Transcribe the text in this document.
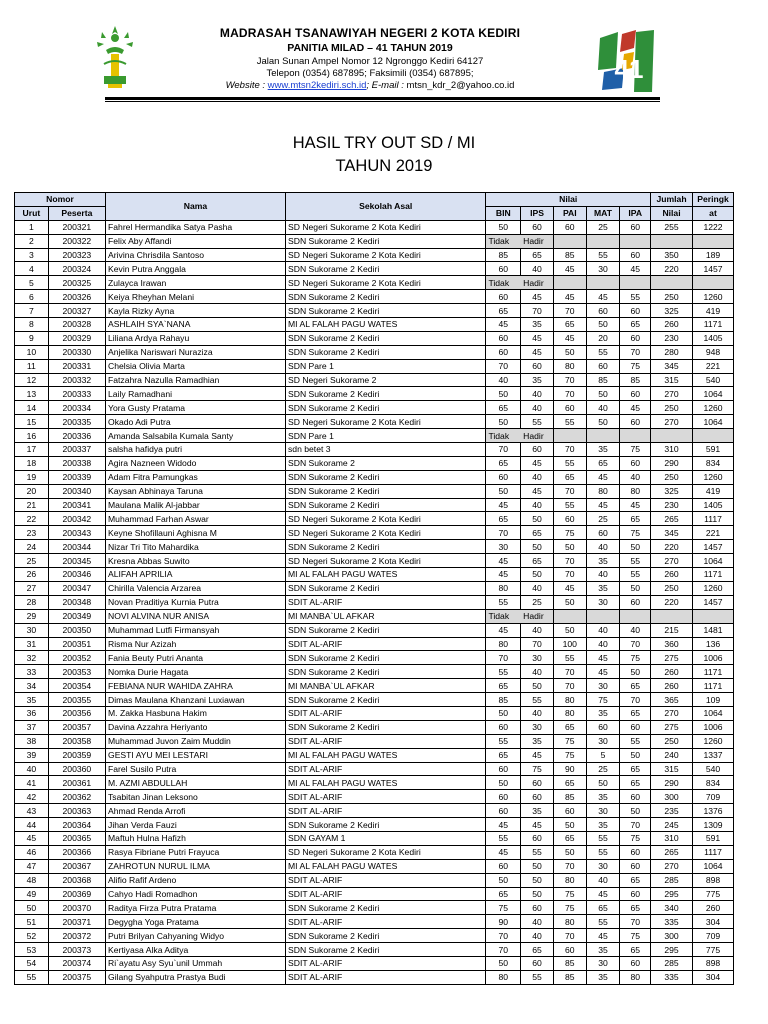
MADRASAH TSANAWIYAH NEGERI 2 KOTA KEDIRI
PANITIA MILAD – 41 TAHUN 2019
Jalan Sunan Ampel Nomor 12 Ngronggo Kediri 64127
Telepon (0354) 687895; Faksimili (0354) 687895;
Website : www.mtsn2kediri.sch.id; E-mail : mtsn_kdr_2@yahoo.co.id
41
HASIL TRY OUT SD / MI
TAHUN 2019
Nomor		Nama	Sekolah Asal	Nilai					Jumlah	Peringk
Urut	Peserta			BIN	IPS	PAI	MAT	IPA	Nilai	at
1	200321	Fahrel Hermandika Satya Pasha	SD Negeri Sukorame 2 Kota Kediri	50	60	60	25	60	255	1222
2	200322	Felix Aby Affandi	SDN Sukorame 2 Kediri	Tidak Hadir						

3	200323	Arivina Chrisdila Santoso	SD Negeri Sukorame 2 Kota Kediri	85	65	85	55	60	350	189
4	200324	Kevin Putra Anggala	SDN Sukorame 2 Kediri	60	40	45	30	45	220	1457
5	200325	Zulayca Irawan	SD Negeri Sukorame 2 Kota Kediri	Tidak Hadir						

6	200326	Keiya Rheyhan Melani	SDN Sukorame 2 Kediri	60	45	45	45	55	250	1260
7	200327	Kayla Rizky Ayna	SDN Sukorame 2 Kediri	65	70	70	60	60	325	419
8	200328	ASHLAIH SYA`NANA	MI AL FALAH PAGU WATES	45	35	65	50	65	260	1171
9	200329	Liliana Ardya Rahayu	SDN Sukorame 2 Kediri	60	45	45	20	60	230	1405
10	200330	Anjelika Nariswari Nuraziza	SDN Sukorame 2 Kediri	60	45	50	55	70	280	948
11	200331	Chelsia Olivia Marta	SDN Pare 1	70	60	80	60	75	345	221
12	200332	Fatzahra Nazulla Ramadhian	SD Negeri Sukorame 2	40	35	70	85	85	315	540
13	200333	Laily Ramadhani	SDN Sukorame 2 Kediri	50	40	70	50	60	270	1064
14	200334	Yora Gusty Pratama	SDN Sukorame 2 Kediri	65	40	60	40	45	250	1260
15	200335	Okado Adi Putra	SD Negeri Sukorame 2 Kota Kediri	50	55	55	50	60	270	1064
16	200336	Amanda Salsabila Kumala Santy	SDN Pare 1	Tidak Hadir						

17	200337	salsha hafidya putri	sdn betet 3	70	60	70	35	75	310	591
18	200338	Agira Nazneen Widodo	SDN Sukorame 2	65	45	55	65	60	290	834
19	200339	Adam Fitra Pamungkas	SDN Sukorame 2 Kediri	60	40	65	45	40	250	1260
20	200340	Kaysan Abhinaya Taruna	SDN Sukorame 2 Kediri	50	45	70	80	80	325	419
21	200341	Maulana Malik Al-jabbar	SDN Sukorame 2 Kediri	45	40	55	45	45	230	1405
22	200342	Muhammad Farhan Aswar	SD Negeri Sukorame 2 Kota Kediri	65	50	60	25	65	265	1117
23	200343	Keyne Shofillauni Aghisna M	SD Negeri Sukorame 2 Kota Kediri	70	65	75	60	75	345	221
24	200344	Nizar Tri Tito Mahardika	SDN Sukorame 2 Kediri	30	50	50	40	50	220	1457
25	200345	Kresna Abbas Suwito	SD Negeri Sukorame 2 Kota Kediri	45	65	70	35	55	270	1064
26	200346	ALIFAH APRILIA	MI AL FALAH PAGU WATES	45	50	70	40	55	260	1171
27	200347	Chirilla Valencia Arzarea	SDN Sukorame 2 Kediri	80	40	45	35	50	250	1260
28	200348	Novan Praditiya Kurnia Putra	SDIT AL-ARIF	55	25	50	30	60	220	1457
29	200349	NOVI ALVINA NUR ANISA	MI MANBA`UL AFKAR	Tidak Hadir						

30	200350	Muhammad Lutfi Firmansyah	SDN Sukorame 2 Kediri	45	40	50	40	40	215	1481
31	200351	Risma Nur Azizah	SDIT AL-ARIF	80	70	100	40	70	360	136
32	200352	Fania Beuty Putri Ananta	SDN Sukorame 2 Kediri	70	30	55	45	75	275	1006
33	200353	Nomka Durie Hagata	SDN Sukorame 2 Kediri	55	40	70	45	50	260	1171
34	200354	FEBIANA NUR WAHIDA ZAHRA	MI MANBA`UL AFKAR	65	50	70	30	65	260	1171
35	200355	Dimas Maulana Khanzani Luxiawan	SDN Sukorame 2 Kediri	85	55	80	75	70	365	109
36	200356	M. Zakka Hasbuna Hakim	SDIT AL-ARIF	50	40	80	35	65	270	1064
37	200357	Davina Azzahra Heriyanto	SDN Sukorame 2 Kediri	60	30	65	60	60	275	1006
38	200358	Muhammad Juvon Zaim Muddin	SDIT AL-ARIF	55	35	75	30	55	250	1260
39	200359	GESTI AYU MEI LESTARI	MI AL FALAH PAGU WATES	65	45	75	5	50	240	1337
40	200360	Farel Susilo Putra	SDIT AL-ARIF	60	75	90	25	65	315	540
41	200361	M. AZMI ABDULLAH	MI AL FALAH PAGU WATES	50	60	65	50	65	290	834
42	200362	Tsabitan Jinan Leksono	SDIT AL-ARIF	60	60	85	35	60	300	709
43	200363	Ahmad Renda Arrofi	SDIT AL-ARIF	60	35	60	30	50	235	1376
44	200364	Jihan Verda Fauzi	SDN Sukorame 2 Kediri	45	45	50	35	70	245	1309
45	200365	Maftuh Hulna Hafizh	SDN GAYAM 1	55	60	65	55	75	310	591
46	200366	Rasya Fibriane Putri Frayuca	SD Negeri Sukorame 2 Kota Kediri	45	55	50	55	60	265	1117
47	200367	ZAHROTUN NURUL ILMA	MI AL FALAH PAGU WATES	60	50	70	30	60	270	1064
48	200368	Alifio Rafif Ardeno	SDIT AL-ARIF	50	50	80	40	65	285	898
49	200369	Cahyo Hadi Romadhon	SDIT AL-ARIF	65	50	75	45	60	295	775
50	200370	Raditya Firza Putra Pratama	SDN Sukorame 2 Kediri	75	60	75	65	65	340	260
51	200371	Degygha Yoga Pratama	SDIT AL-ARIF	90	40	80	55	70	335	304
52	200372	Putri Brilyan Cahyaning Widyo	SDN Sukorame 2 Kediri	70	40	70	45	75	300	709
53	200373	Kertiyasa Alka Aditya	SDN Sukorame 2 Kediri	70	65	60	35	65	295	775
54	200374	Ri`ayatu Asy Syu`unil Ummah	SDIT AL-ARIF	50	60	85	30	60	285	898
55	200375	Gilang Syahputra Prastya Budi	SDIT AL-ARIF	80	55	85	35	80	335	304
